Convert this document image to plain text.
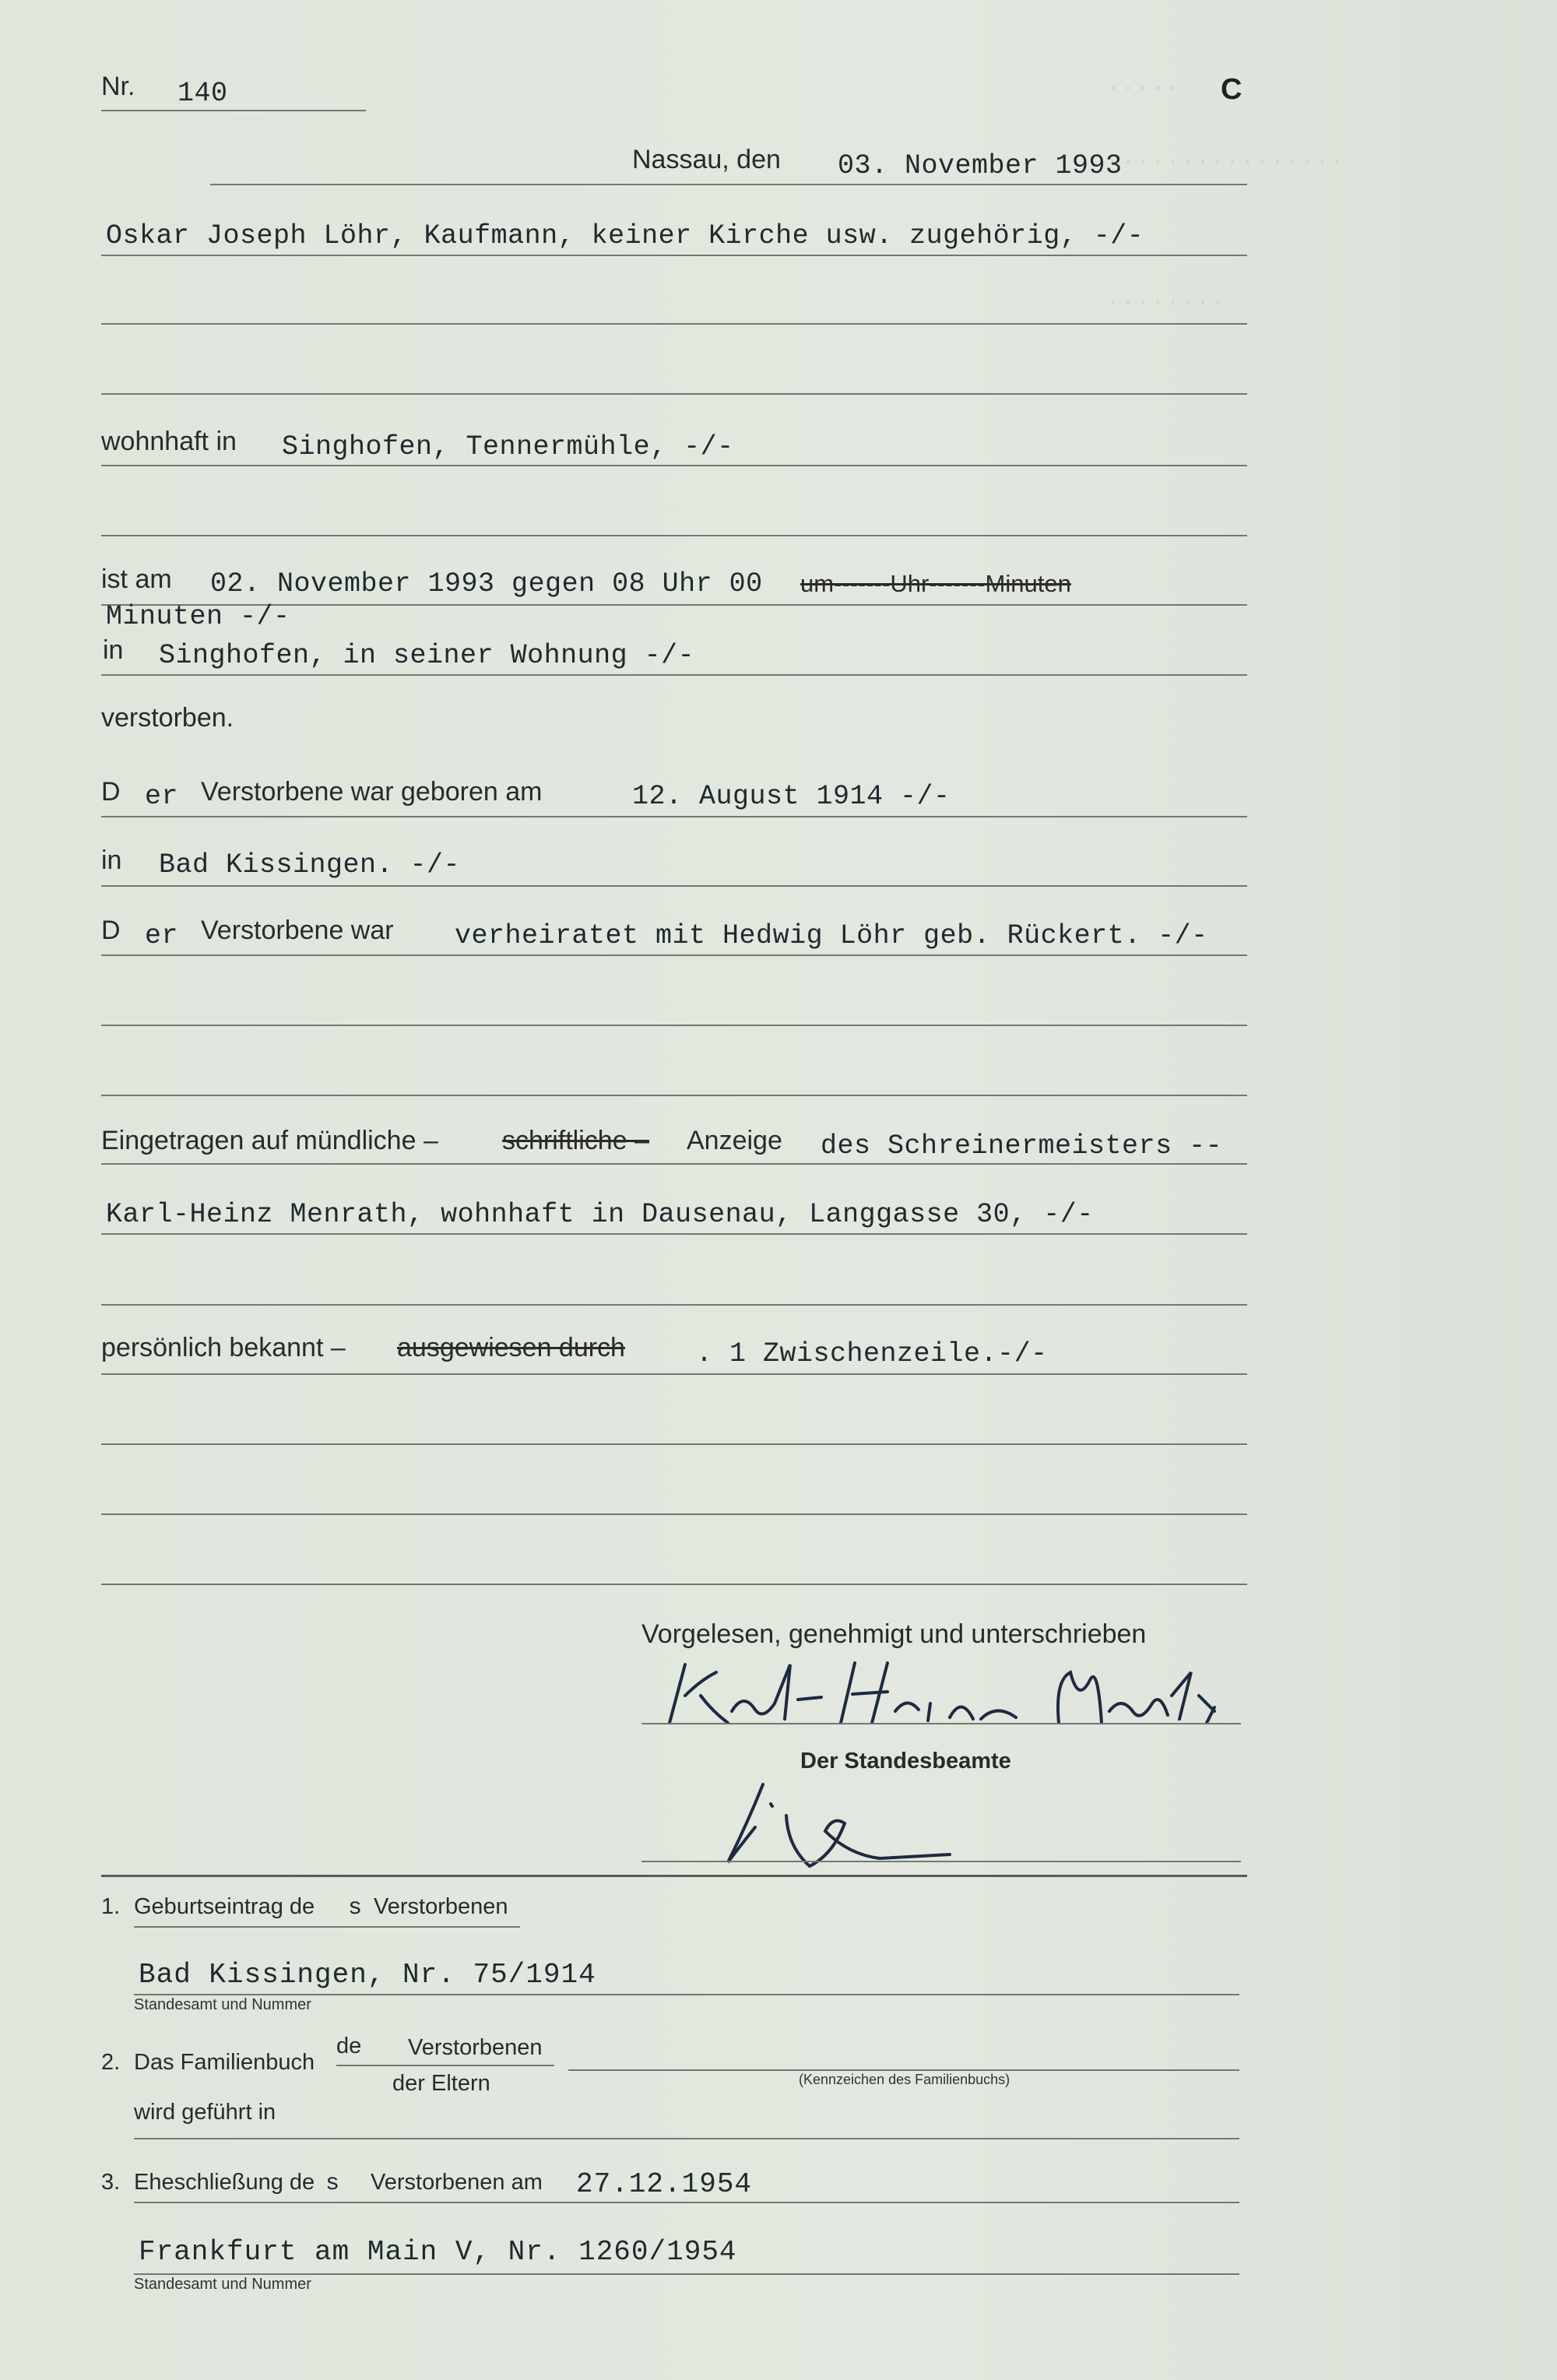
∙∙∙∙∙
∙∙∙∙∙∙∙∙∙∙∙∙∙∙∙∙
∙∙∙∙∙∙∙∙
Nr. 140	C
Nassau, den 03. November 1993
Oskar Joseph Löhr, Kaufmann, keiner Kirche usw. zugehörig, -/-
wohnhaft in Singhofen, Tennermühle, -/-
ist am 02. November 1993 gegen 08 Uhr 00 um-------Uhr-------Minuten
Minuten -/-
in Singhofen, in seiner Wohnung -/-
verstorben.
D er Verstorbene war geboren am	12. August 1914 -/-
in Bad Kissingen. -/-
D er Verstorbene war verheiratet mit Hedwig Löhr geb. Rückert. -/-
Eingetragen auf mündliche – schriftliche – Anzeige des Schreinermeisters --
Karl-Heinz Menrath, wohnhaft in Dausenau, Langgasse 30, -/-
persönlich bekannt – ausgewiesen durch	. 1 Zwischenzeile.-/-
Vorgelesen, genehmigt und unterschrieben
Der Standesbeamte
1. Geburtseintrag de s Verstorbenen
Bad Kissingen, Nr. 75/1914
Standesamt und Nummer
2. Das Familienbuch
de Verstorbenen
der Eltern	(Kennzeichen des Familienbuchs)
wird geführt in
3. Eheschließung de s Verstorbenen am 27.12.1954
Frankfurt am Main V, Nr. 1260/1954
Standesamt und Nummer
